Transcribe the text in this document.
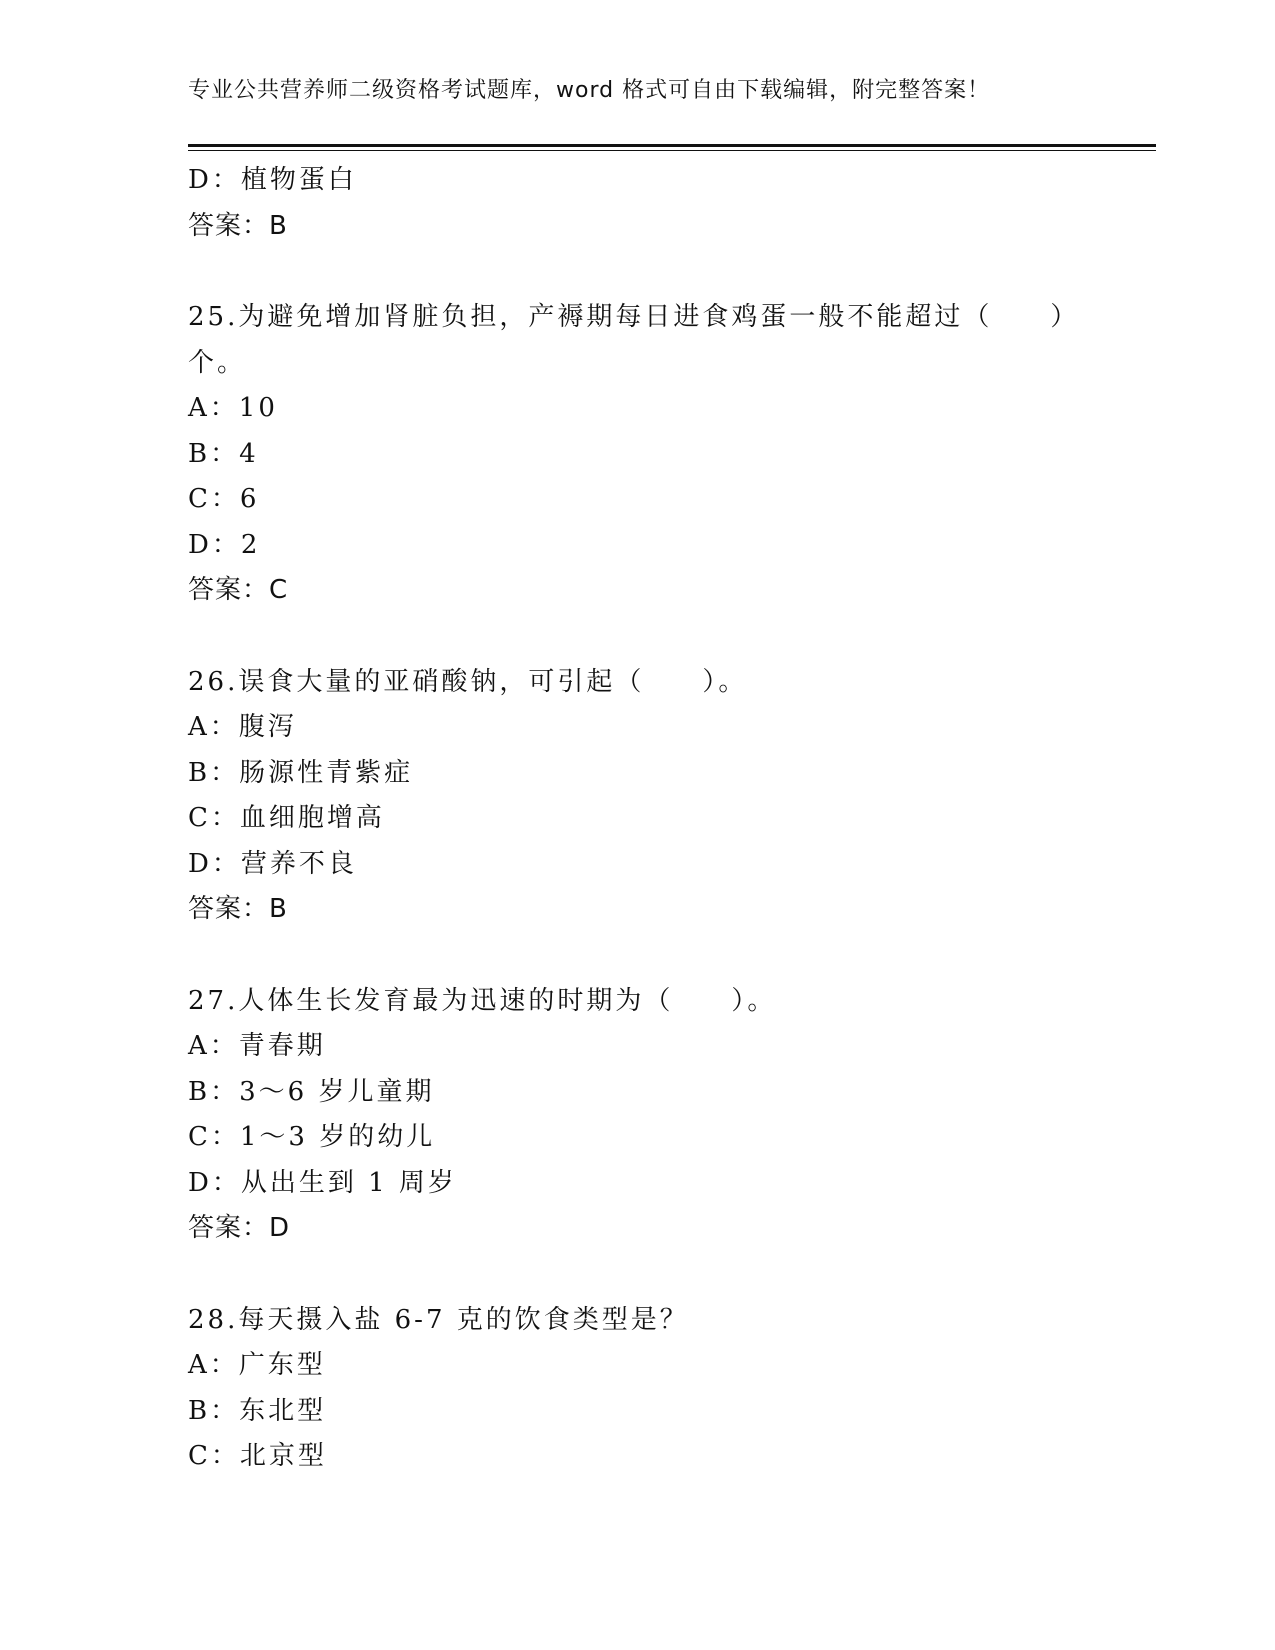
专业公共营养师二级资格考试题库，word 格式可自由下载编辑，附完整答案！
D：植物蛋白
答案：B
25.为避免增加肾脏负担，产褥期每日进食鸡蛋一般不能超过（　　）
个。
A：10
B：4
C：6
D：2
答案：C
26.误食大量的亚硝酸钠，可引起（　　）。
A：腹泻
B：肠源性青紫症
C：血细胞增高
D：营养不良
答案：B
27.人体生长发育最为迅速的时期为（　　）。
A：青春期
B：3～6 岁儿童期
C：1～3 岁的幼儿
D：从出生到 1 周岁
答案：D
28.每天摄入盐 6-7 克的饮食类型是？
A：广东型
B：东北型
C：北京型
